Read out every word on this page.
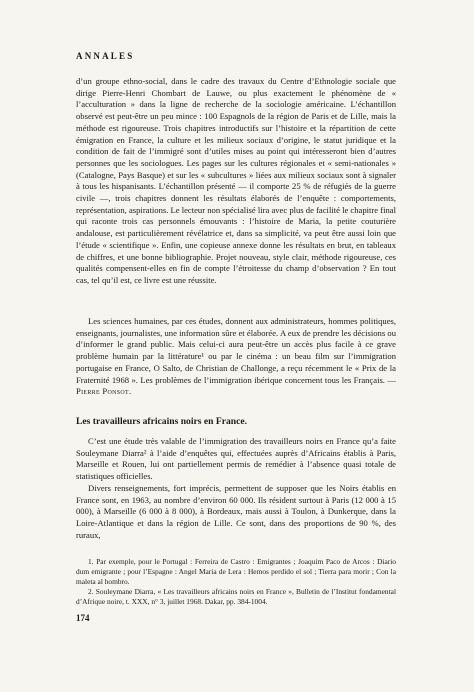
ANNALES

d’un groupe ethno-social, dans le cadre des travaux du Centre d’Ethnologie sociale que dirige Pierre-Henri Chombart de Lauwe, ou plus exactement le phénomène de « l’acculturation » dans la ligne de recherche de la sociologie américaine. L’échantillon observé est peut-être un peu mince : 100 Espagnols de la région de Paris et de Lille, mais la méthode est rigoureuse. Trois chapitres introductifs sur l’histoire et la répartition de cette émigration en France, la culture et les milieux sociaux d’origine, le statut juridique et la condition de fait de l’immigré sont d’utiles mises au point qui intéresseront bien d’autres personnes que les sociologues. Les pages sur les cultures régionales et « semi-nationales » (Catalogne, Pays Basque) et sur les « subcultures » liées aux milieux sociaux sont à signaler à tous les hispanisants. L’échantillon présenté — il comporte 25 % de réfugiés de la guerre civile —, trois chapitres donnent les résultats élaborés de l’enquête : comportements, représentation, aspirations. Le lecteur non spécialisé lira avec plus de facilité le chapitre final qui raconte trois cas personnels émouvants : l’histoire de Maria, la petite couturière andalouse, est particulièrement révélatrice et, dans sa simplicité, va peut être aussi loin que l’étude « scientifique ». Enfin, une copieuse annexe donne les résultats en brut, en tableaux de chiffres, et une bonne bibliographie. Projet nouveau, style clair, méthode rigoureuse, ces qualités compensent-elles en fin de compte l’étroitesse du champ d’observation ? En tout cas, tel qu’il est, ce livre est une réussite.

Les sciences humaines, par ces études, donnent aux administrateurs, hommes politiques, enseignants, journalistes, une information sûre et élaborée. A eux de prendre les décisions ou d’informer le grand public. Mais celui-ci aura peut-être un accès plus facile à ce grave problème humain par la littérature¹ ou par le cinéma : un beau film sur l’immigration portugaise en France, O Salto, de Christian de Challonge, a reçu récemment le « Prix de la Fraternité 1968 ». Les problèmes de l’immigration ibérique concernent tous les Français. — Pierre Ponsot.

Les travailleurs africains noirs en France.

C’est une étude très valable de l’immigration des travailleurs noirs en France qu’a faite Souleymane Diarra² à l’aide d’enquêtes qui, effectuées auprès d’Africains établis à Paris, Marseille et Rouen, lui ont partiellement permis de remédier à l’absence quasi totale de statistiques officielles.

Divers renseignements, fort imprécis, permettent de supposer que les Noirs établis en France sont, en 1963, au nombre d’environ 60 000. Ils résident surtout à Paris (12 000 à 15 000), à Marseille (6 000 à 8 000), à Bordeaux, mais aussi à Toulon, à Dunkerque, dans la Loire-Atlantique et dans la région de Lille. Ce sont, dans des proportions de 90 %, des ruraux,

1. Par exemple, pour le Portugal : Ferreira de Castro : Emigrantes ; Joaquim Paco de Arcos : Diario dum emigrante ; pour l’Espagne : Angel Maria de Lera : Hemos perdido el sol ; Tierra para morir ; Con la maleta al hombro.

2. Souleymane Diarra, « Les travailleurs africains noirs en France », Bulletin de l’Institut fondamental d’Afrique noire, t. XXX, n° 3, juillet 1968. Dakar, pp. 384-1004.

174
